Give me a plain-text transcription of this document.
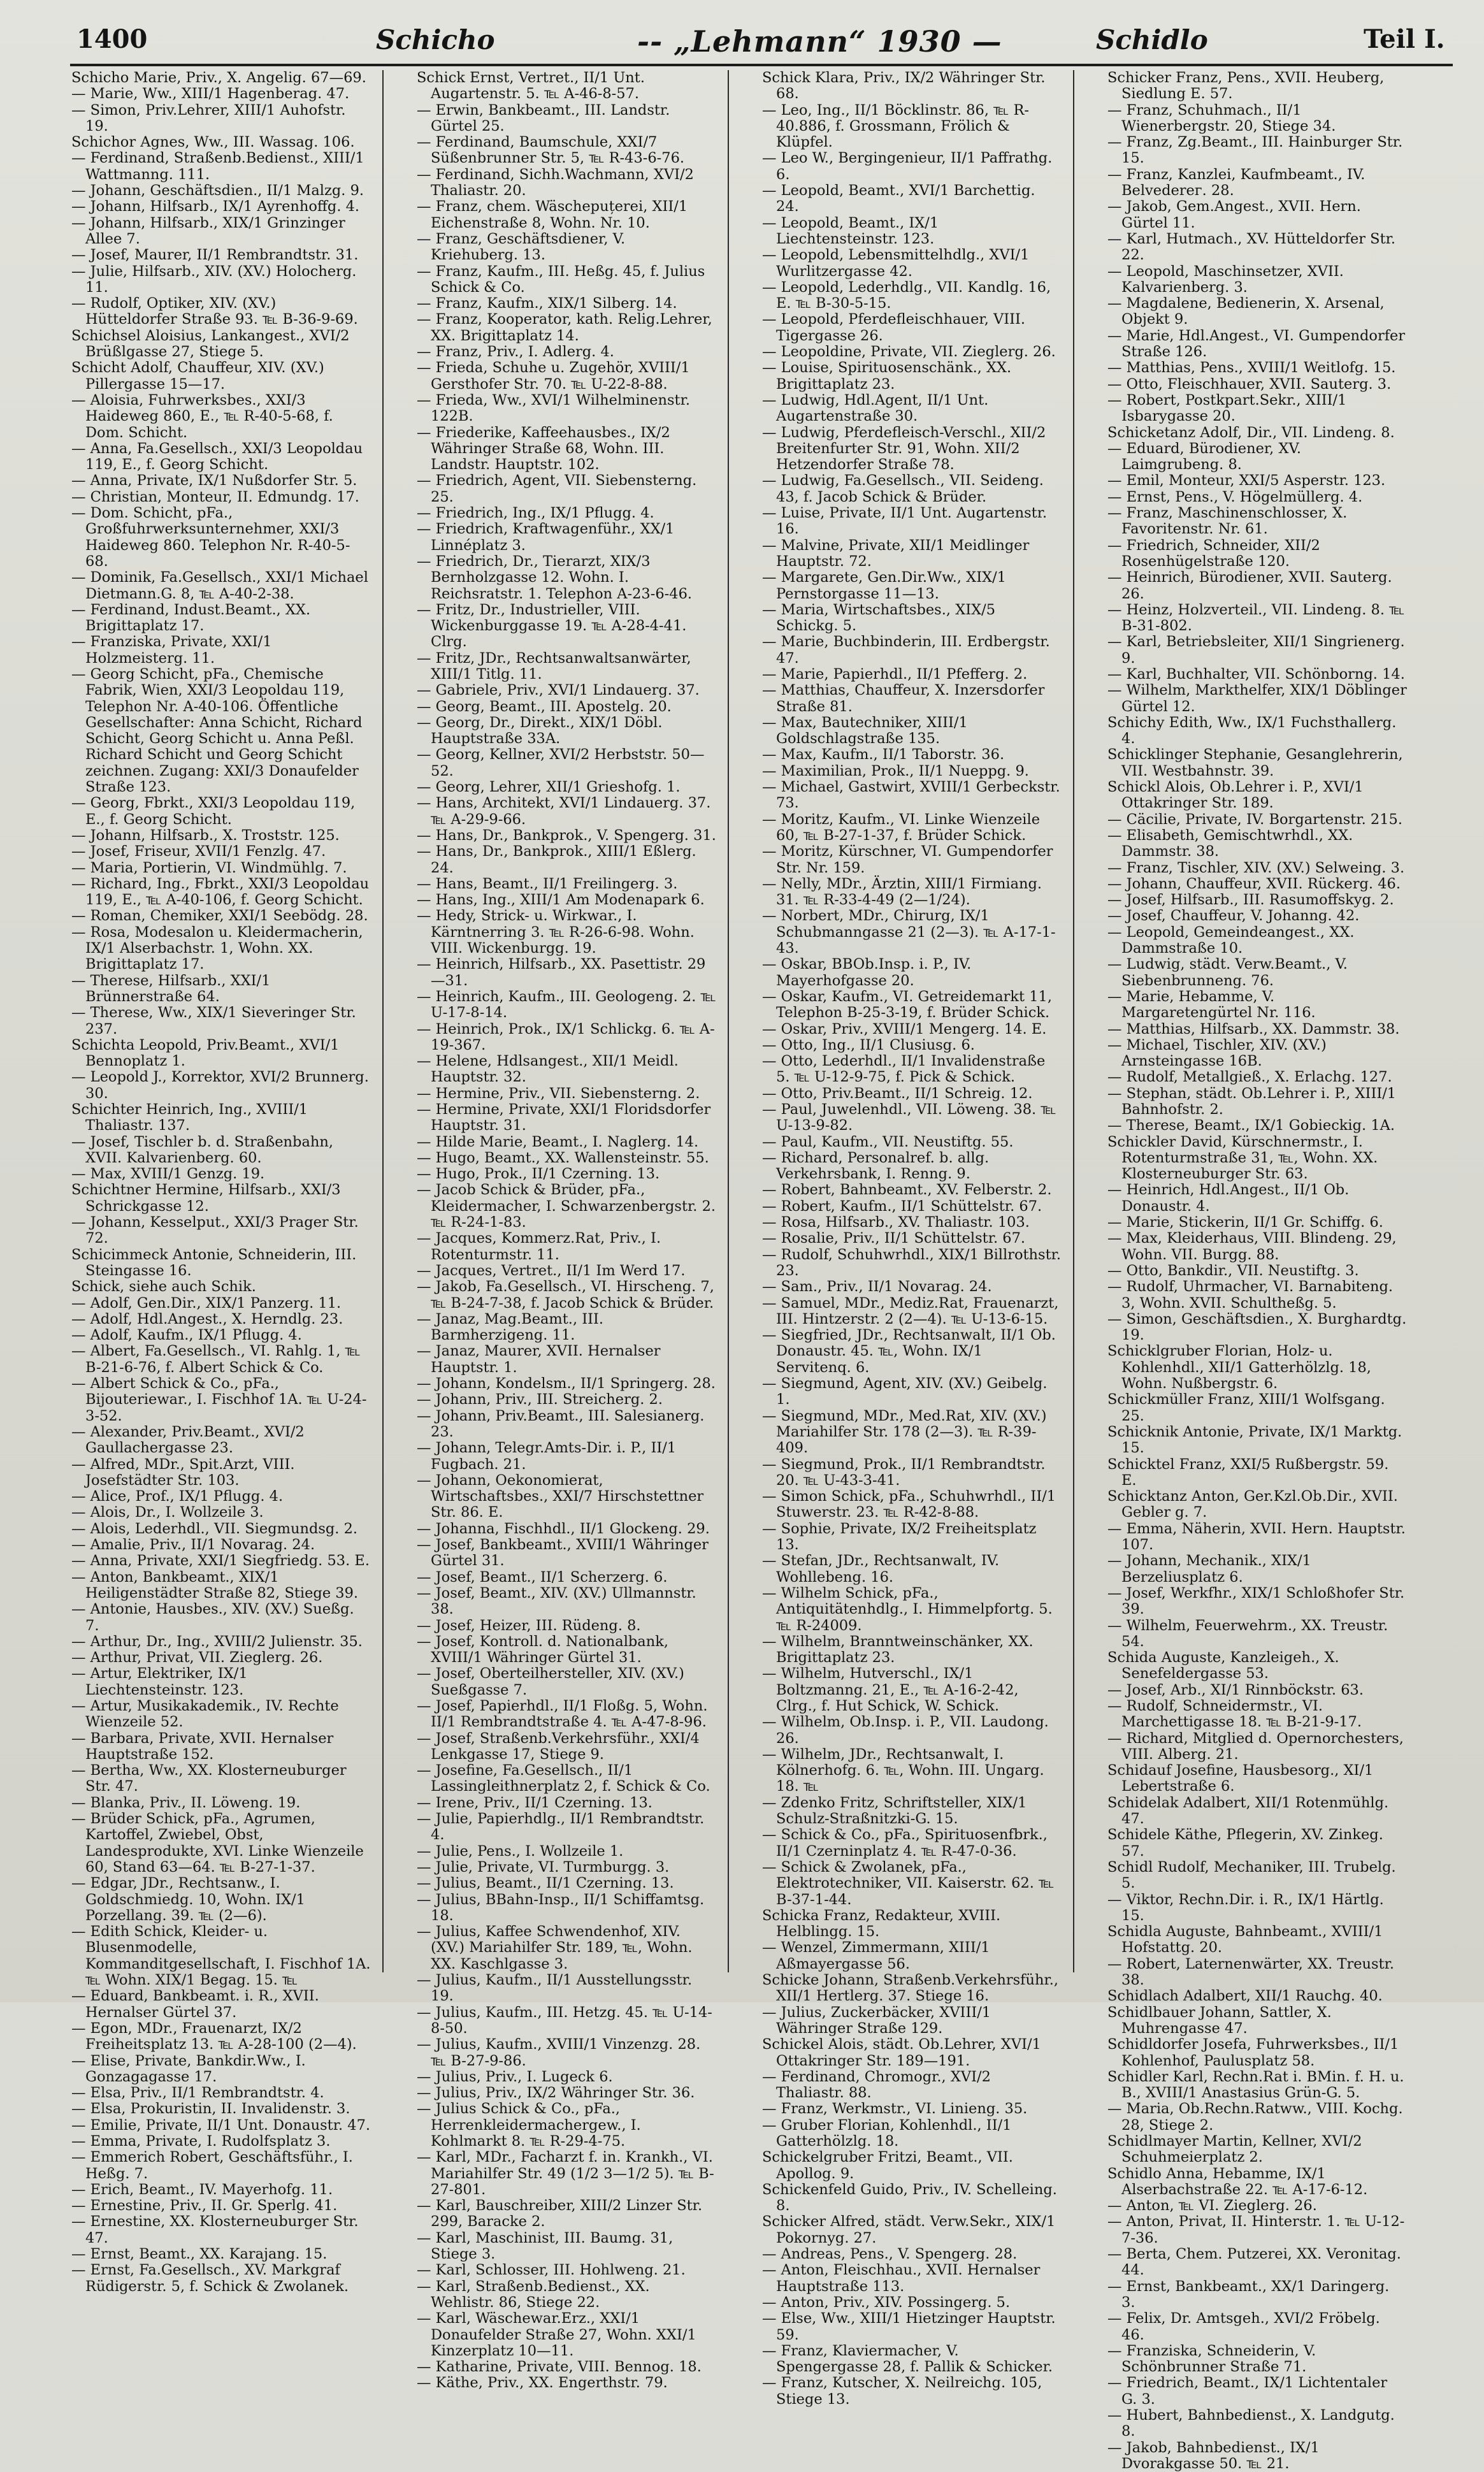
1400	Schicho	-- „Lehmann“ 1930 —	Schidlo	Teil I.
Schicho Marie, Priv., X. Angelig. 67—69.
— Marie, Ww., XIII/1 Hagenberag. 47.
— Simon, Priv.Lehrer, XIII/1 Auhofstr. 19.
Schichor Agnes, Ww., III. Wassag. 106.
— Ferdinand, Straßenb.Bedienst., XIII/1 Wattmanng. 111.
— Johann, Geschäftsdien., II/1 Malzg. 9.
— Johann, Hilfsarb., IX/1 Ayrenhoffg. 4.
— Johann, Hilfsarb., XIX/1 Grinzinger Allee 7.
— Josef, Maurer, II/1 Rembrandtstr. 31.
— Julie, Hilfsarb., XIV. (XV.) Holocherg. 11.
— Rudolf, Optiker, XIV. (XV.) Hütteldorfer Straße 93. ℡ B-36-9-69.
Schichsel Aloisius, Lankangest., XVI/2 Brüßlgasse 27, Stiege 5.
Schicht Adolf, Chauffeur, XIV. (XV.) Pillergasse 15—17.
— Aloisia, Fuhrwerksbes., XXI/3 Haideweg 860, E., ℡ R-40-5-68, f. Dom. Schicht.
— Anna, Fa.Gesellsch., XXI/3 Leopoldau 119, E., f. Georg Schicht.
— Anna, Private, IX/1 Nußdorfer Str. 5.
— Christian, Monteur, II. Edmundg. 17.
— Dom. Schicht, pFa., Großfuhrwerksunternehmer, XXI/3 Haideweg 860. Telephon Nr. R-40-5-68.
— Dominik, Fa.Gesellsch., XXI/1 Michael Dietmann.G. 8, ℡ A-40-2-38.
— Ferdinand, Indust.Beamt., XX. Brigittaplatz 17.
— Franziska, Private, XXI/1 Holzmeisterg. 11.
— Georg Schicht, pFa., Chemische Fabrik, Wien, XXI/3 Leopoldau 119, Telephon Nr. A-40-106. Öffentliche Gesellschafter: Anna Schicht, Richard Schicht, Georg Schicht u. Anna Peßl. Richard Schicht und Georg Schicht zeichnen. Zugang: XXI/3 Donaufelder Straße 123.
— Georg, Fbrkt., XXI/3 Leopoldau 119, E., f. Georg Schicht.
— Johann, Hilfsarb., X. Troststr. 125.
— Josef, Friseur, XVII/1 Fenzlg. 47.
— Maria, Portierin, VI. Windmühlg. 7.
— Richard, Ing., Fbrkt., XXI/3 Leopoldau 119, E., ℡ A-40-106, f. Georg Schicht.
— Roman, Chemiker, XXI/1 Seebödg. 28.
— Rosa, Modesalon u. Kleidermacherin, IX/1 Alserbachstr. 1, Wohn. XX. Brigittaplatz 17.
— Therese, Hilfsarb., XXI/1 Brünnerstraße 64.
— Therese, Ww., XIX/1 Sieveringer Str. 237.
Schichta Leopold, Priv.Beamt., XVI/1 Bennoplatz 1.
— Leopold J., Korrektor, XVI/2 Brunnerg. 30.
Schichter Heinrich, Ing., XVIII/1 Thaliastr. 137.
— Josef, Tischler b. d. Straßenbahn, XVII. Kalvarienberg. 60.
— Max, XVIII/1 Genzg. 19.
Schichtner Hermine, Hilfsarb., XXI/3 Schrickgasse 12.
— Johann, Kesselput., XXI/3 Prager Str. 72.
Schicimmeck Antonie, Schneiderin, III. Steingasse 16.
Schick, siehe auch Schik.
— Adolf, Gen.Dir., XIX/1 Panzerg. 11.
— Adolf, Hdl.Angest., X. Herndlg. 23.
— Adolf, Kaufm., IX/1 Pflugg. 4.
— Albert, Fa.Gesellsch., VI. Rahlg. 1, ℡ B-21-6-76, f. Albert Schick & Co.
— Albert Schick & Co., pFa., Bijouteriewar., I. Fischhof 1A. ℡ U-24-3-52.
— Alexander, Priv.Beamt., XVI/2 Gaullachergasse 23.
— Alfred, MDr., Spit.Arzt, VIII. Josefstädter Str. 103.
— Alice, Prof., IX/1 Pflugg. 4.
— Alois, Dr., I. Wollzeile 3.
— Alois, Lederhdl., VII. Siegmundsg. 2.
— Amalie, Priv., II/1 Novarag. 24.
— Anna, Private, XXI/1 Siegfriedg. 53. E.
— Anton, Bankbeamt., XIX/1 Heiligenstädter Straße 82, Stiege 39.
— Antonie, Hausbes., XIV. (XV.) Sueßg. 7.
— Arthur, Dr., Ing., XVIII/2 Julienstr. 35.
— Arthur, Privat, VII. Zieglerg. 26.
— Artur, Elektriker, IX/1 Liechtensteinstr. 123.
— Artur, Musikakademik., IV. Rechte Wienzeile 52.
— Barbara, Private, XVII. Hernalser Hauptstraße 152.
— Bertha, Ww., XX. Klosterneuburger Str. 47.
— Blanka, Priv., II. Löweng. 19.
— Brüder Schick, pFa., Agrumen, Kartoffel, Zwiebel, Obst, Landesprodukte, XVI. Linke Wienzeile 60, Stand 63—64. ℡ B-27-1-37.
— Edgar, JDr., Rechtsanw., I. Goldschmiedg. 10, Wohn. IX/1 Porzellang. 39. ℡ (2—6).
— Edith Schick, Kleider- u. Blusenmodelle, Kommanditgesellschaft, I. Fischhof 1A. ℡ Wohn. XIX/1 Begag. 15. ℡
— Eduard, Bankbeamt. i. R., XVII. Hernalser Gürtel 37.
— Egon, MDr., Frauenarzt, IX/2 Freiheitsplatz 13. ℡ A-28-100 (2—4).
— Elise, Private, Bankdir.Ww., I. Gonzagagasse 17.
— Elsa, Priv., II/1 Rembrandtstr. 4.
— Elsa, Prokuristin, II. Invalidenstr. 3.
— Emilie, Private, II/1 Unt. Donaustr. 47.
— Emma, Private, I. Rudolfsplatz 3.
— Emmerich Robert, Geschäftsführ., I. Heßg. 7.
— Erich, Beamt., IV. Mayerhofg. 11.
— Ernestine, Priv., II. Gr. Sperlg. 41.
— Ernestine, XX. Klosterneuburger Str. 47.
— Ernst, Beamt., XX. Karajang. 15.
— Ernst, Fa.Gesellsch., XV. Markgraf Rüdigerstr. 5, f. Schick & Zwolanek.
Schick Ernst, Vertret., II/1 Unt. Augartenstr. 5. ℡ A-46-8-57.
— Erwin, Bankbeamt., III. Landstr. Gürtel 25.
— Ferdinand, Baumschule, XXI/7 Süßenbrunner Str. 5, ℡ R-43-6-76.
— Ferdinand, Sichh.Wachmann, XVI/2 Thaliastr. 20.
— Franz, chem. Wäschepuțerei, XII/1 Eichenstraße 8, Wohn. Nr. 10.
— Franz, Geschäftsdiener, V. Kriehuberg. 13.
— Franz, Kaufm., III. Heßg. 45, f. Julius Schick & Co.
— Franz, Kaufm., XIX/1 Silberg. 14.
— Franz, Kooperator, kath. Relig.Lehrer, XX. Brigittaplatz 14.
— Franz, Priv., I. Adlerg. 4.
— Frieda, Schuhe u. Zugehör, XVIII/1 Gersthofer Str. 70. ℡ U-22-8-88.
— Frieda, Ww., XVI/1 Wilhelminenstr. 122B.
— Friederike, Kaffeehausbes., IX/2 Währinger Straße 68, Wohn. III. Landstr. Hauptstr. 102.
— Friedrich, Agent, VII. Siebensterng. 25.
— Friedrich, Ing., IX/1 Pflugg. 4.
— Friedrich, Kraftwagenführ., XX/1 Linnéplatz 3.
— Friedrich, Dr., Tierarzt, XIX/3 Bernholzgasse 12. Wohn. I. Reichsratstr. 1. Telephon A-23-6-46.
— Fritz, Dr., Industrieller, VIII. Wickenburggasse 19. ℡ A-28-4-41. Clrg.
— Fritz, JDr., Rechtsanwaltsanwärter, XIII/1 Titlg. 11.
— Gabriele, Priv., XVI/1 Lindauerg. 37.
— Georg, Beamt., III. Apostelg. 20.
— Georg, Dr., Direkt., XIX/1 Döbl. Hauptstraße 33A.
— Georg, Kellner, XVI/2 Herbststr. 50—52.
— Georg, Lehrer, XII/1 Grieshofg. 1.
— Hans, Architekt, XVI/1 Lindauerg. 37. ℡ A-29-9-66.
— Hans, Dr., Bankprok., V. Spengerg. 31.
— Hans, Dr., Bankprok., XIII/1 Eßlerg. 24.
— Hans, Beamt., II/1 Freilingerg. 3.
— Hans, Ing., XIII/1 Am Modenapark 6.
— Hedy, Strick- u. Wirkwar., I. Kärntnerring 3. ℡ R-26-6-98. Wohn. VIII. Wickenburgg. 19.
— Heinrich, Hilfsarb., XX. Pasettistr. 29—31.
— Heinrich, Kaufm., III. Geologeng. 2. ℡ U-17-8-14.
— Heinrich, Prok., IX/1 Schlickg. 6. ℡ A-19-367.
— Helene, Hdlsangest., XII/1 Meidl. Hauptstr. 32.
— Hermine, Priv., VII. Siebensterng. 2.
— Hermine, Private, XXI/1 Floridsdorfer Hauptstr. 31.
— Hilde Marie, Beamt., I. Naglerg. 14.
— Hugo, Beamt., XX. Wallensteinstr. 55.
— Hugo, Prok., II/1 Czerning. 13.
— Jacob Schick & Brüder, pFa., Kleidermacher, I. Schwarzenbergstr. 2. ℡ R-24-1-83.
— Jacques, Kommerz.Rat, Priv., I. Rotenturmstr. 11.
— Jacques, Vertret., II/1 Im Werd 17.
— Jakob, Fa.Gesellsch., VI. Hirscheng. 7, ℡ B-24-7-38, f. Jacob Schick & Brüder.
— Janaz, Mag.Beamt., III. Barmherzigeng. 11.
— Janaz, Maurer, XVII. Hernalser Hauptstr. 1.
— Johann, Kondelsm., II/1 Springerg. 28.
— Johann, Priv., III. Streicherg. 2.
— Johann, Priv.Beamt., III. Salesianerg. 23.
— Johann, Telegr.Amts-Dir. i. P., II/1 Fugbach. 21.
— Johann, Oekonomierat, Wirtschaftsbes., XXI/7 Hirschstettner Str. 86. E.
— Johanna, Fischhdl., II/1 Glockeng. 29.
— Josef, Bankbeamt., XVIII/1 Währinger Gürtel 31.
— Josef, Beamt., II/1 Scherzerg. 6.
— Josef, Beamt., XIV. (XV.) Ullmannstr. 38.
— Josef, Heizer, III. Rüdeng. 8.
— Josef, Kontroll. d. Nationalbank, XVIII/1 Währinger Gürtel 31.
— Josef, Oberteilhersteller, XIV. (XV.) Sueßgasse 7.
— Josef, Papierhdl., II/1 Floßg. 5, Wohn. II/1 Rembrandtstraße 4. ℡ A-47-8-96.
— Josef, Straßenb.Verkehrsführ., XXI/4 Lenkgasse 17, Stiege 9.
— Josefine, Fa.Gesellsch., II/1 Lassingleithnerplatz 2, f. Schick & Co.
— Irene, Priv., II/1 Czerning. 13.
— Julie, Papierhdlg., II/1 Rembrandtstr. 4.
— Julie, Pens., I. Wollzeile 1.
— Julie, Private, VI. Turmburgg. 3.
— Julius, Beamt., II/1 Czerning. 13.
— Julius, BBahn-Insp., II/1 Schiffamtsg. 18.
— Julius, Kaffee Schwendenhof, XIV. (XV.) Mariahilfer Str. 189, ℡, Wohn. XX. Kaschlgasse 3.
— Julius, Kaufm., II/1 Ausstellungsstr. 19.
— Julius, Kaufm., III. Hetzg. 45. ℡ U-14-8-50.
— Julius, Kaufm., XVIII/1 Vinzenzg. 28. ℡ B-27-9-86.
— Julius, Priv., I. Lugeck 6.
— Julius, Priv., IX/2 Währinger Str. 36.
— Julius Schick & Co., pFa., Herrenkleidermachergew., I. Kohlmarkt 8. ℡ R-29-4-75.
— Karl, MDr., Facharzt f. in. Krankh., VI. Mariahilfer Str. 49 (1/2 3—1/2 5). ℡ B-27-801.
— Karl, Bauschreiber, XIII/2 Linzer Str. 299, Baracke 2.
— Karl, Maschinist, III. Baumg. 31, Stiege 3.
— Karl, Schlosser, III. Hohlweng. 21.
— Karl, Straßenb.Bedienst., XX. Wehlistr. 86, Stiege 22.
— Karl, Wäschewar.Erz., XXI/1 Donaufelder Straße 27, Wohn. XXI/1 Kinzerplatz 10—11.
— Katharine, Private, VIII. Bennog. 18.
— Käthe, Priv., XX. Engerthstr. 79.
Schick Klara, Priv., IX/2 Währinger Str. 68.
— Leo, Ing., II/1 Böcklinstr. 86, ℡ R-40.886, f. Grossmann, Frölich & Klüpfel.
— Leo W., Bergingenieur, II/1 Paffrathg. 6.
— Leopold, Beamt., XVI/1 Barchettig. 24.
— Leopold, Beamt., IX/1 Liechtensteinstr. 123.
— Leopold, Lebensmittelhdlg., XVI/1 Wurlitzergasse 42.
— Leopold, Lederhdlg., VII. Kandlg. 16, E. ℡ B-30-5-15.
— Leopold, Pferdefleischhauer, VIII. Tigergasse 26.
— Leopoldine, Private, VII. Zieglerg. 26.
— Louise, Spirituosenschänk., XX. Brigittaplatz 23.
— Ludwig, Hdl.Agent, II/1 Unt. Augartenstraße 30.
— Ludwig, Pferdefleisch-Verschl., XII/2 Breitenfurter Str. 91, Wohn. XII/2 Hetzendorfer Straße 78.
— Ludwig, Fa.Gesellsch., VII. Seideng. 43, f. Jacob Schick & Brüder.
— Luise, Private, II/1 Unt. Augartenstr. 16.
— Malvine, Private, XII/1 Meidlinger Hauptstr. 72.
— Margarete, Gen.Dir.Ww., XIX/1 Pernstorgasse 11—13.
— Maria, Wirtschaftsbes., XIX/5 Schickg. 5.
— Marie, Buchbinderin, III. Erdbergstr. 47.
— Marie, Papierhdl., II/1 Pfefferg. 2.
— Matthias, Chauffeur, X. Inzersdorfer Straße 81.
— Max, Bautechniker, XIII/1 Goldschlagstraße 135.
— Max, Kaufm., II/1 Taborstr. 36.
— Maximilian, Prok., II/1 Nueppg. 9.
— Michael, Gastwirt, XVIII/1 Gerbeckstr. 73.
— Moritz, Kaufm., VI. Linke Wienzeile 60, ℡ B-27-1-37, f. Brüder Schick.
— Moritz, Kürschner, VI. Gumpendorfer Str. Nr. 159.
— Nelly, MDr., Ärztin, XIII/1 Firmiang. 31. ℡ R-33-4-49 (2—1/24).
— Norbert, MDr., Chirurg, IX/1 Schubmanngasse 21 (2—3). ℡ A-17-1-43.
— Oskar, BBOb.Insp. i. P., IV. Mayerhofgasse 20.
— Oskar, Kaufm., VI. Getreidemarkt 11, Telephon B-25-3-19, f. Brüder Schick.
— Oskar, Priv., XVIII/1 Mengerg. 14. E.
— Otto, Ing., II/1 Clusiusg. 6.
— Otto, Lederhdl., II/1 Invalidenstraße 5. ℡ U-12-9-75, f. Pick & Schick.
— Otto, Priv.Beamt., II/1 Schreig. 12.
— Paul, Juwelenhdl., VII. Löweng. 38. ℡ U-13-9-82.
— Paul, Kaufm., VII. Neustiftg. 55.
— Richard, Personalref. b. allg. Verkehrsbank, I. Renng. 9.
— Robert, Bahnbeamt., XV. Felberstr. 2.
— Robert, Kaufm., II/1 Schüttelstr. 67.
— Rosa, Hilfsarb., XV. Thaliastr. 103.
— Rosalie, Priv., II/1 Schüttelstr. 67.
— Rudolf, Schuhwrhdl., XIX/1 Billrothstr. 23.
— Sam., Priv., II/1 Novarag. 24.
— Samuel, MDr., Mediz.Rat, Frauenarzt, III. Hintzerstr. 2 (2—4). ℡ U-13-6-15.
— Siegfried, JDr., Rechtsanwalt, II/1 Ob. Donaustr. 45. ℡, Wohn. IX/1 Servitenq. 6.
— Siegmund, Agent, XIV. (XV.) Geibelg. 1.
— Siegmund, MDr., Med.Rat, XIV. (XV.) Mariahilfer Str. 178 (2—3). ℡ R-39-409.
— Siegmund, Prok., II/1 Rembrandtstr. 20. ℡ U-43-3-41.
— Simon Schick, pFa., Schuhwrhdl., II/1 Stuwerstr. 23. ℡ R-42-8-88.
— Sophie, Private, IX/2 Freiheitsplatz 13.
— Stefan, JDr., Rechtsanwalt, IV. Wohllebeng. 16.
— Wilhelm Schick, pFa., Antiquitätenhdlg., I. Himmelpfortg. 5. ℡ R-24009.
— Wilhelm, Branntweinschänker, XX. Brigittaplatz 23.
— Wilhelm, Hutverschl., IX/1 Boltzmanng. 21, E., ℡ A-16-2-42, Clrg., f. Hut Schick, W. Schick.
— Wilhelm, Ob.Insp. i. P., VII. Laudong. 26.
— Wilhelm, JDr., Rechtsanwalt, I. Kölnerhofg. 6. ℡, Wohn. III. Ungarg. 18. ℡
— Zdenko Fritz, Schriftsteller, XIX/1 Schulz-Straßnitzki-G. 15.
— Schick & Co., pFa., Spirituosenfbrk., II/1 Czerninplatz 4. ℡ R-47-0-36.
— Schick & Zwolanek, pFa., Elektrotechniker, VII. Kaiserstr. 62. ℡ B-37-1-44.
Schicka Franz, Redakteur, XVIII. Helblingg. 15.
— Wenzel, Zimmermann, XIII/1 Aßmayergasse 56.
Schicke Johann, Straßenb.Verkehrsführ., XII/1 Hertlerg. 37. Stiege 16.
— Julius, Zuckerbäcker, XVIII/1 Währinger Straße 129.
Schickel Alois, städt. Ob.Lehrer, XVI/1 Ottakringer Str. 189—191.
— Ferdinand, Chromogr., XVI/2 Thaliastr. 88.
— Franz, Werkmstr., VI. Linieng. 35.
— Gruber Florian, Kohlenhdl., II/1 Gatterhölzlg. 18.
Schickelgruber Fritzi, Beamt., VII. Apollog. 9.
Schickenfeld Guido, Priv., IV. Schelleing. 8.
Schicker Alfred, städt. Verw.Sekr., XIX/1 Pokornyg. 27.
— Andreas, Pens., V. Spengerg. 28.
— Anton, Fleischhau., XVII. Hernalser Hauptstraße 113.
— Anton, Priv., XIV. Possingerg. 5.
— Else, Ww., XIII/1 Hietzinger Hauptstr. 59.
— Franz, Klaviermacher, V. Spengergasse 28, f. Pallik & Schicker.
— Franz, Kutscher, X. Neilreichg. 105, Stiege 13.
Schicker Franz, Pens., XVII. Heuberg, Siedlung E. 57.
— Franz, Schuhmach., II/1 Wienerbergstr. 20, Stiege 34.
— Franz, Zg.Beamt., III. Hainburger Str. 15.
— Franz, Kanzlei, Kaufmbeamt., IV. Belvederег. 28.
— Jakob, Gem.Angest., XVII. Hern. Gürtel 11.
— Karl, Hutmach., XV. Hütteldorfer Str. 22.
— Leopold, Maschinsetzer, XVII. Kalvarienberg. 3.
— Magdalene, Bedienerin, X. Arsenal, Objekt 9.
— Marie, Hdl.Angest., VI. Gumpendorfer Straße 126.
— Matthias, Pens., XVIII/1 Weitlofg. 15.
— Otto, Fleischhauer, XVII. Sauterg. 3.
— Robert, Postkpart.Sekr., XIII/1 Isbarygasse 20.
Schicketanz Adolf, Dir., VII. Lindeng. 8.
— Eduard, Bürodiener, XV. Laimgrubeng. 8.
— Emil, Monteur, XXI/5 Asperstr. 123.
— Ernst, Pens., V. Högelmüllerg. 4.
— Franz, Maschinenschlosser, X. Favoritenstr. Nr. 61.
— Friedrich, Schneider, XII/2 Rosenhügelstraße 120.
— Heinrich, Bürodiener, XVII. Sauterg. 26.
— Heinz, Holzverteil., VII. Lindeng. 8. ℡ B-31-802.
— Karl, Betriebsleiter, XII/1 Singrienerg. 9.
— Karl, Buchhalter, VII. Schönborng. 14.
— Wilhelm, Markthelfer, XIX/1 Döblinger Gürtel 12.
Schichy Edith, Ww., IX/1 Fuchsthallerg. 4.
Schicklinger Stephanie, Gesanglehrerin, VII. Westbahnstr. 39.
Schickl Alois, Ob.Lehrer i. P., XVI/1 Ottakringer Str. 189.
— Cäcilie, Private, IV. Borgartenstr. 215.
— Elisabeth, Gemischtwrhdl., XX. Dammstr. 38.
— Franz, Tischler, XIV. (XV.) Selweing. 3.
— Johann, Chauffeur, XVII. Rückerg. 46.
— Josef, Hilfsarb., III. Rasumoffskyg. 2.
— Josef, Chauffeur, V. Johanng. 42.
— Leopold, Gemeindeangest., XX. Dammstraße 10.
— Ludwig, städt. Verw.Beamt., V. Siebenbrunneng. 76.
— Marie, Hebamme, V. Margaretengürtel Nr. 116.
— Matthias, Hilfsarb., XX. Dammstr. 38.
— Michael, Tischler, XIV. (XV.) Arnsteingasse 16B.
— Rudolf, Metallgieß., X. Erlachg. 127.
— Stephan, städt. Ob.Lehrer i. P., XIII/1 Bahnhofstr. 2.
— Therese, Beamt., IX/1 Gobieckig. 1A.
Schickler David, Kürschnermstr., I. Rotenturmstraße 31, ℡, Wohn. XX. Klosterneuburger Str. 63.
— Heinrich, Hdl.Angest., II/1 Ob. Donaustr. 4.
— Marie, Stickerin, II/1 Gr. Schiffg. 6.
— Max, Kleiderhaus, VIII. Blindeng. 29, Wohn. VII. Burgg. 88.
— Otto, Bankdir., VII. Neustiftg. 3.
— Rudolf, Uhrmacher, VI. Barnabiteng. 3, Wohn. XVII. Schultheßg. 5.
— Simon, Geschäftsdien., X. Burghardtg. 19.
Schicklgruber Florian, Holz- u. Kohlenhdl., XII/1 Gatterhölzlg. 18, Wohn. Nußbergstr. 6.
Schickmüller Franz, XIII/1 Wolfsgang. 25.
Schicknik Antonie, Private, IX/1 Marktg. 15.
Schicktel Franz, XXI/5 Rußbergstr. 59. E.
Schicktanz Anton, Ger.Kzl.Ob.Dir., XVII. Gebler g. 7.
— Emma, Näherin, XVII. Hern. Hauptstr. 107.
— Johann, Mechanik., XIX/1 Berzeliusplatz 6.
— Josef, Werkfhr., XIX/1 Schloßhofer Str. 39.
— Wilhelm, Feuerwehrm., XX. Treustr. 54.
Schida Auguste, Kanzleigeh., X. Senefeldergasse 53.
— Josef, Arb., XI/1 Rinnböckstr. 63.
— Rudolf, Schneidermstr., VI. Marchettigasse 18. ℡ B-21-9-17.
— Richard, Mitglied d. Opernorchesters, VIII. Alberg. 21.
Schidauf Josefine, Hausbesorg., XI/1 Lebertstraße 6.
Schidelak Adalbert, XII/1 Rotenmühlg. 47.
Schidele Käthe, Pflegerin, XV. Zinkeg. 57.
Schidl Rudolf, Mechaniker, III. Trubelg. 5.
— Viktor, Rechn.Dir. i. R., IX/1 Härtlg. 15.
Schidla Auguste, Bahnbeamt., XVIII/1 Hofstattg. 20.
— Robert, Laternenwärter, XX. Treustr. 38.
Schidlach Adalbert, XII/1 Rauchg. 40.
Schidlbauer Johann, Sattler, X. Muhrengasse 47.
Schidldorfer Josefa, Fuhrwerksbes., II/1 Kohlenhof, Paulusplatz 58.
Schidler Karl, Rechn.Rat i. BMin. f. H. u. B., XVIII/1 Anastasius Grün-G. 5.
— Maria, Ob.Rechn.Ratww., VIII. Kochg. 28, Stiege 2.
Schidlmayer Martin, Kellner, XVI/2 Schuhmeierplatz 2.
Schidlo Anna, Hebamme, IX/1 Alserbachstraße 22. ℡ A-17-6-12.
— Anton, ℡ VI. Zieglerg. 26.
— Anton, Privat, II. Hinterstr. 1. ℡ U-12-7-36.
— Berta, Chem. Putzerei, XX. Veronitag. 44.
— Ernst, Bankbeamt., XX/1 Daringerg. 3.
— Felix, Dr. Amtsgeh., XVI/2 Fröbelg. 46.
— Franziska, Schneiderin, V. Schönbrunner Straße 71.
— Friedrich, Beamt., IX/1 Lichtentaler G. 3.
— Hubert, Bahnbedienst., X. Landgutg. 8.
— Jakob, Bahnbedienst., IX/1 Dvorakgasse 50. ℡ 21.
